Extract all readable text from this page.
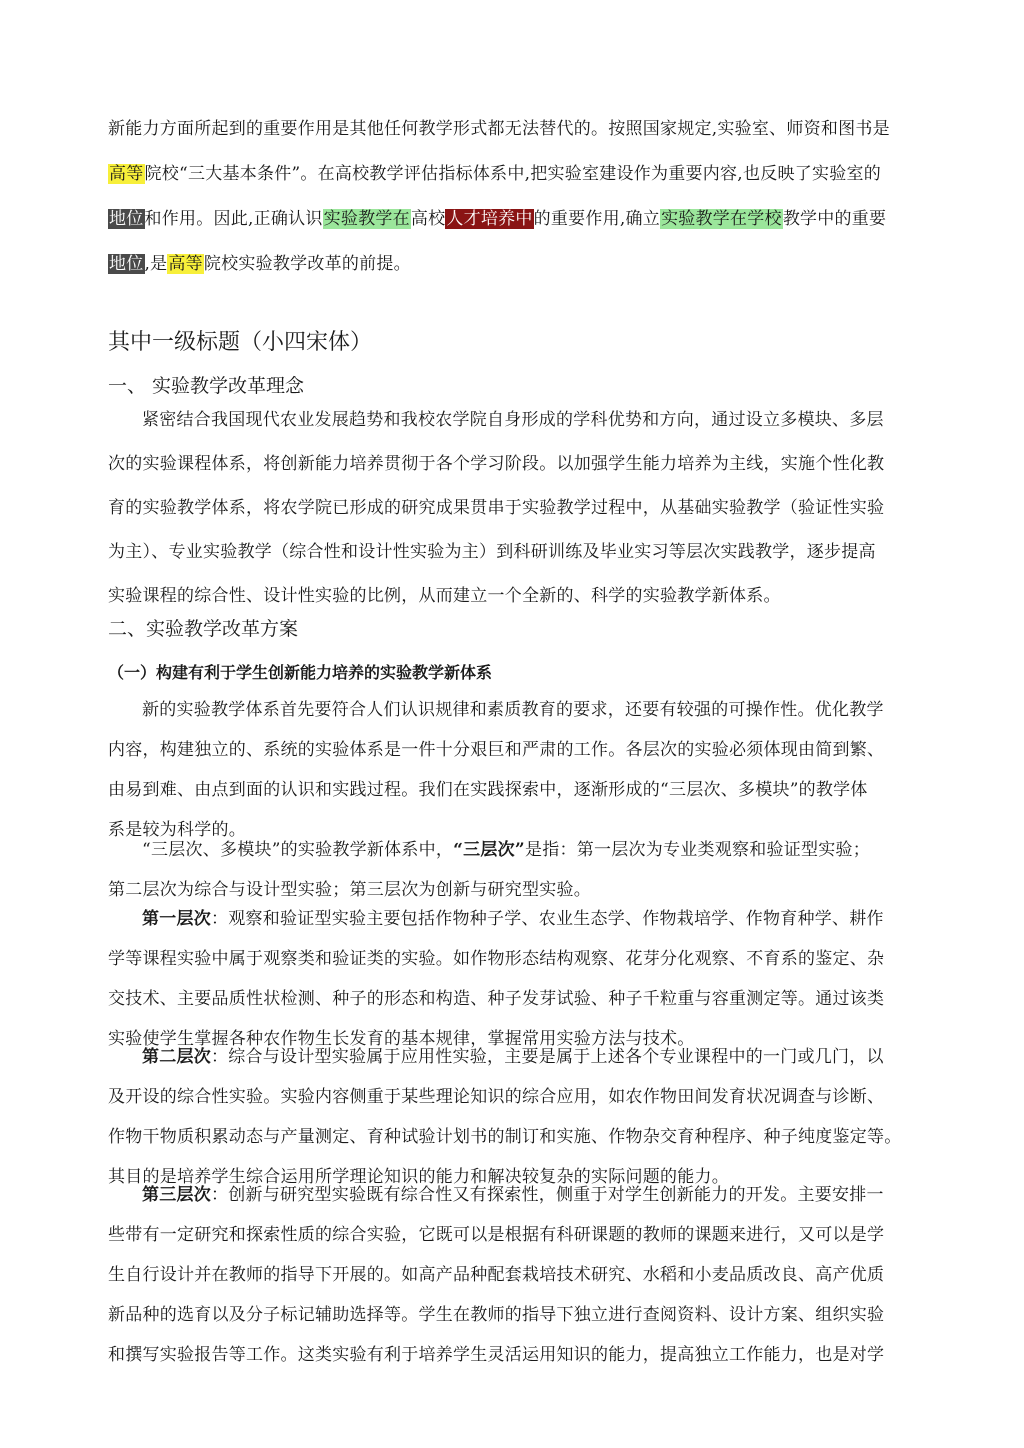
新能力方面所起到的重要作用是其他任何教学形式都无法替代的。按照国家规定,实验室、师资和图书是
高等院校“三大基本条件”。在高校教学评估指标体系中,把实验室建设作为重要内容,也反映了实验室的
地位和作用。因此,正确认识实验教学在高校人才培养中的重要作用,确立实验教学在学校教学中的重要
地位,是高等院校实验教学改革的前提。
其中一级标题（小四宋体）
一、 实验教学改革理念
紧密结合我国现代农业发展趋势和我校农学院自身形成的学科优势和方向，通过设立多模块、多层
次的实验课程体系，将创新能力培养贯彻于各个学习阶段。以加强学生能力培养为主线，实施个性化教
育的实验教学体系，将农学院已形成的研究成果贯串于实验教学过程中，从基础实验教学（验证性实验
为主）、专业实验教学（综合性和设计性实验为主）到科研训练及毕业实习等层次实践教学，逐步提高
实验课程的综合性、设计性实验的比例，从而建立一个全新的、科学的实验教学新体系。
二、实验教学改革方案
（一）构建有利于学生创新能力培养的实验教学新体系
新的实验教学体系首先要符合人们认识规律和素质教育的要求，还要有较强的可操作性。优化教学
内容，构建独立的、系统的实验体系是一件十分艰巨和严肃的工作。各层次的实验必须体现由简到繁、
由易到难、由点到面的认识和实践过程。我们在实践探索中，逐渐形成的“三层次、多模块”的教学体
系是较为科学的。
“三层次、多模块”的实验教学新体系中，“三层次”是指：第一层次为专业类观察和验证型实验；
第二层次为综合与设计型实验；第三层次为创新与研究型实验。
第一层次：观察和验证型实验主要包括作物种子学、农业生态学、作物栽培学、作物育种学、耕作
学等课程实验中属于观察类和验证类的实验。如作物形态结构观察、花芽分化观察、不育系的鉴定、杂
交技术、主要品质性状检测、种子的形态和构造、种子发芽试验、种子千粒重与容重测定等。通过该类
实验使学生掌握各种农作物生长发育的基本规律，掌握常用实验方法与技术。
第二层次：综合与设计型实验属于应用性实验，主要是属于上述各个专业课程中的一门或几门，以
及开设的综合性实验。实验内容侧重于某些理论知识的综合应用，如农作物田间发育状况调查与诊断、
作物干物质积累动态与产量测定、育种试验计划书的制订和实施、作物杂交育种程序、种子纯度鉴定等。
其目的是培养学生综合运用所学理论知识的能力和解决较复杂的实际问题的能力。
第三层次：创新与研究型实验既有综合性又有探索性，侧重于对学生创新能力的开发。主要安排一
些带有一定研究和探索性质的综合实验，它既可以是根据有科研课题的教师的课题来进行，又可以是学
生自行设计并在教师的指导下开展的。如高产品种配套栽培技术研究、水稻和小麦品质改良、高产优质
新品种的选育以及分子标记辅助选择等。学生在教师的指导下独立进行查阅资料、设计方案、组织实验
和撰写实验报告等工作。这类实验有利于培养学生灵活运用知识的能力，提高独立工作能力，也是对学
